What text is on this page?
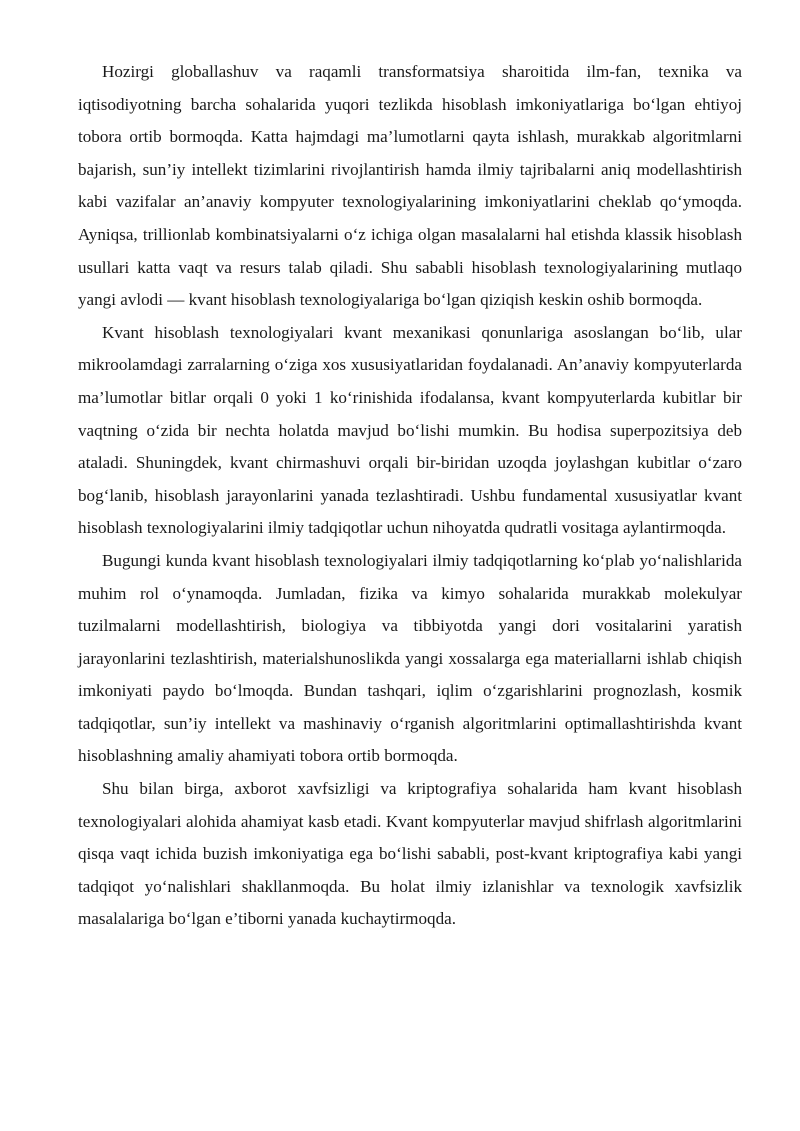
Hozirgi globallashuv va raqamli transformatsiya sharoitida ilm-fan, texnika va iqtisodiyotning barcha sohalarida yuqori tezlikda hisoblash imkoniyatlariga bo‘lgan ehtiyoj tobora ortib bormoqda. Katta hajmdagi ma’lumotlarni qayta ishlash, murakkab algoritmlarni bajarish, sun’iy intellekt tizimlarini rivojlantirish hamda ilmiy tajribalarni aniq modellashtirish kabi vazifalar an’anaviy kompyuter texnologiyalarining imkoniyatlarini cheklab qo‘ymoqda. Ayniqsa, trillionlab kombinatsiyalarni o‘z ichiga olgan masalalarni hal etishda klassik hisoblash usullari katta vaqt va resurs talab qiladi. Shu sababli hisoblash texnologiyalarining mutlaqo yangi avlodi — kvant hisoblash texnologiyalariga bo‘lgan qiziqish keskin oshib bormoqda.

Kvant hisoblash texnologiyalari kvant mexanikasi qonunlariga asoslangan bo‘lib, ular mikroolamdagi zarralarning o‘ziga xos xususiyatlaridan foydalanadi. An’anaviy kompyuterlarda ma’lumotlar bitlar orqali 0 yoki 1 ko‘rinishida ifodalansa, kvant kompyuterlarda kubitlar bir vaqtning o‘zida bir nechta holatda mavjud bo‘lishi mumkin. Bu hodisa superpozitsiya deb ataladi. Shuningdek, kvant chirmashuvi orqali bir-biridan uzoqda joylashgan kubitlar o‘zaro bog‘lanib, hisoblash jarayonlarini yanada tezlashtiradi. Ushbu fundamental xususiyatlar kvant hisoblash texnologiyalarini ilmiy tadqiqotlar uchun nihoyatda qudratli vositaga aylantirmoqda.

Bugungi kunda kvant hisoblash texnologiyalari ilmiy tadqiqotlarning ko‘plab yo‘nalishlarida muhim rol o‘ynamoqda. Jumladan, fizika va kimyo sohalarida murakkab molekulyar tuzilmalarni modellashtirish, biologiya va tibbiyotda yangi dori vositalarini yaratish jarayonlarini tezlashtirish, materialshunoslikda yangi xossalarga ega materiallarni ishlab chiqish imkoniyati paydo bo‘lmoqda. Bundan tashqari, iqlim o‘zgarishlarini prognozlash, kosmik tadqiqotlar, sun’iy intellekt va mashinaviy o‘rganish algoritmlarini optimallashtirishda kvant hisoblashning amaliy ahamiyati tobora ortib bormoqda.

Shu bilan birga, axborot xavfsizligi va kriptografiya sohalarida ham kvant hisoblash texnologiyalari alohida ahamiyat kasb etadi. Kvant kompyuterlar mavjud shifrlash algoritmlarini qisqa vaqt ichida buzish imkoniyatiga ega bo‘lishi sababli, post-kvant kriptografiya kabi yangi tadqiqot yo‘nalishlari shakllanmoqda. Bu holat ilmiy izlanishlar va texnologik xavfsizlik masalalariga bo‘lgan e’tiborni yanada kuchaytirmoqda.
